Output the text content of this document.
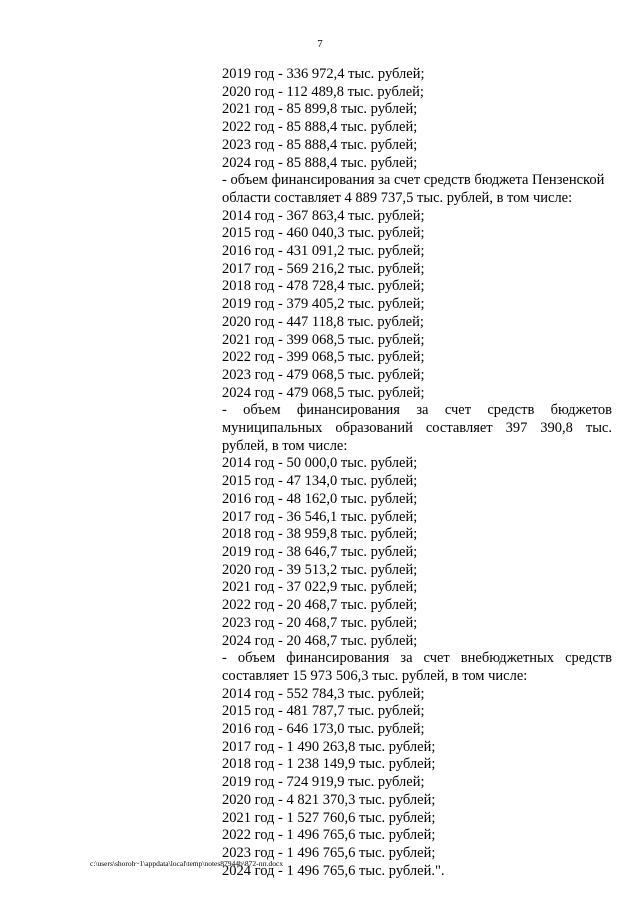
7
2019 год - 336 972,4 тыс. рублей;
2020 год - 112 489,8 тыс. рублей;
2021 год - 85 899,8 тыс. рублей;
2022 год - 85 888,4 тыс. рублей;
2023 год - 85 888,4 тыс. рублей;
2024 год - 85 888,4 тыс. рублей;
- объем финансирования за счет средств бюджета Пензенской
области составляет 4 889 737,5 тыс. рублей, в том числе:
2014 год - 367 863,4 тыс. рублей;
2015 год - 460 040,3 тыс. рублей;
2016 год - 431 091,2 тыс. рублей;
2017 год - 569 216,2 тыс. рублей;
2018 год - 478 728,4 тыс. рублей;
2019 год - 379 405,2 тыс. рублей;
2020 год - 447 118,8 тыс. рублей;
2021 год - 399 068,5 тыс. рублей;
2022 год - 399 068,5 тыс. рублей;
2023 год - 479 068,5 тыс. рублей;
2024 год - 479 068,5 тыс. рублей;
- объем финансирования за счет средств бюджетов
муниципальных образований составляет 397 390,8 тыс.
рублей, в том числе:
2014 год - 50 000,0 тыс. рублей;
2015 год - 47 134,0 тыс. рублей;
2016 год - 48 162,0 тыс. рублей;
2017 год - 36 546,1 тыс. рублей;
2018 год - 38 959,8 тыс. рублей;
2019 год - 38 646,7 тыс. рублей;
2020 год - 39 513,2 тыс. рублей;
2021 год - 37 022,9 тыс. рублей;
2022 год - 20 468,7 тыс. рублей;
2023 год - 20 468,7 тыс. рублей;
2024 год - 20 468,7 тыс. рублей;
- объем финансирования за счет внебюджетных средств
составляет 15 973 506,3 тыс. рублей, в том числе:
2014 год - 552 784,3 тыс. рублей;
2015 год - 481 787,7 тыс. рублей;
2016 год - 646 173,0 тыс. рублей;
2017 год - 1 490 263,8 тыс. рублей;
2018 год - 1 238 149,9 тыс. рублей;
2019 год - 724 919,9 тыс. рублей;
2020 год - 4 821 370,3 тыс. рублей;
2021 год - 1 527 760,6 тыс. рублей;
2022 год - 1 496 765,6 тыс. рублей;
2023 год - 1 496 765,6 тыс. рублей;
2024 год - 1 496 765,6 тыс. рублей.".
c:\users\shoroh~1\appdata\local\temp\notes87944b\872-пп.docx
